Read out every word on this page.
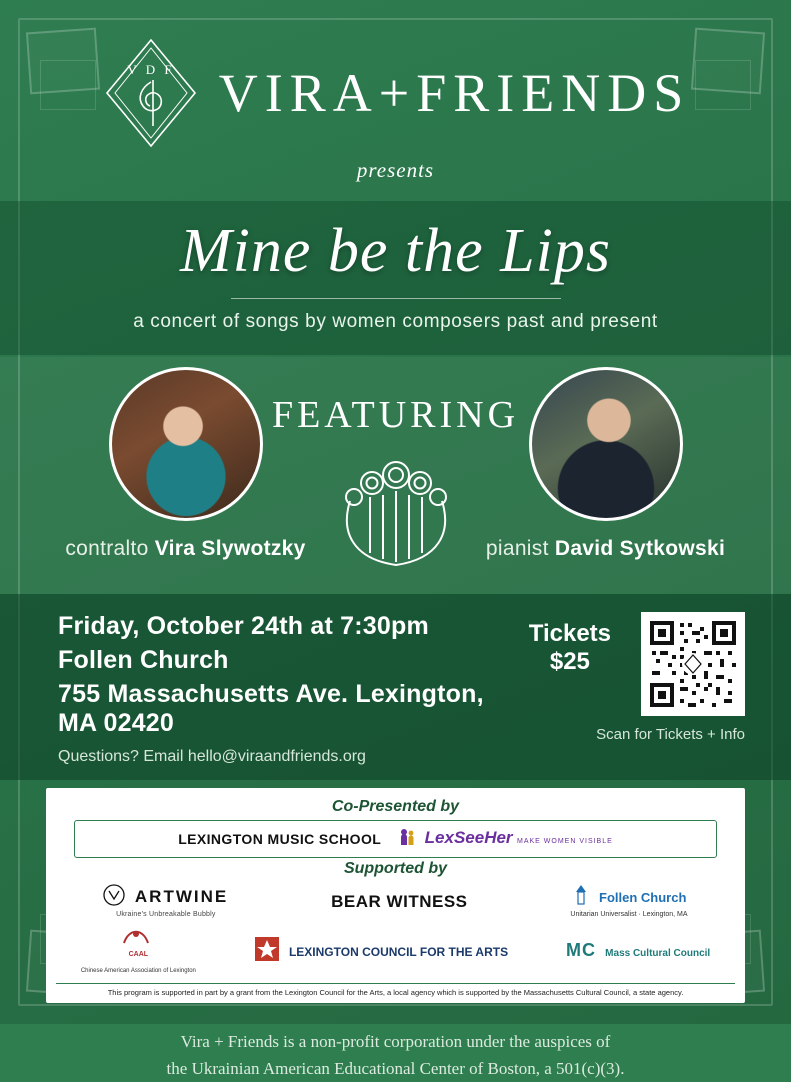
V D F VIRA+FRIENDS
presents
Mine be the Lips
a concert of songs by women composers past and present
contralto Vira Slywotzky
FEATURING
pianist David Sytkowski
Friday, October 24th at 7:30pm
Follen Church
755 Massachusetts Ave. Lexington, MA 02420
Questions? Email hello@viraandfriends.org
Tickets $25
Scan for Tickets + Info
Co-Presented by
LEXINGTON MUSIC SCHOOL	LexSeeHer MAKE WOMEN VISIBLE
Supported by
ARTWINE
Ukraine's Unbreakable Bubbly
BEAR WITNESS	Follen Church
Unitarian Universalist · Lexington, MA
CAAL
Chinese American Association of Lexington
LEXINGTON COUNCIL FOR THE ARTS	M C Mass Cultural Council
This program is supported in part by a grant from the Lexington Council for the Arts, a local agency which is supported by the Massachusetts Cultural Council, a state agency.
Vira + Friends is a non-profit corporation under the auspices of
the Ukrainian American Educational Center of Boston, a 501(c)(3).
